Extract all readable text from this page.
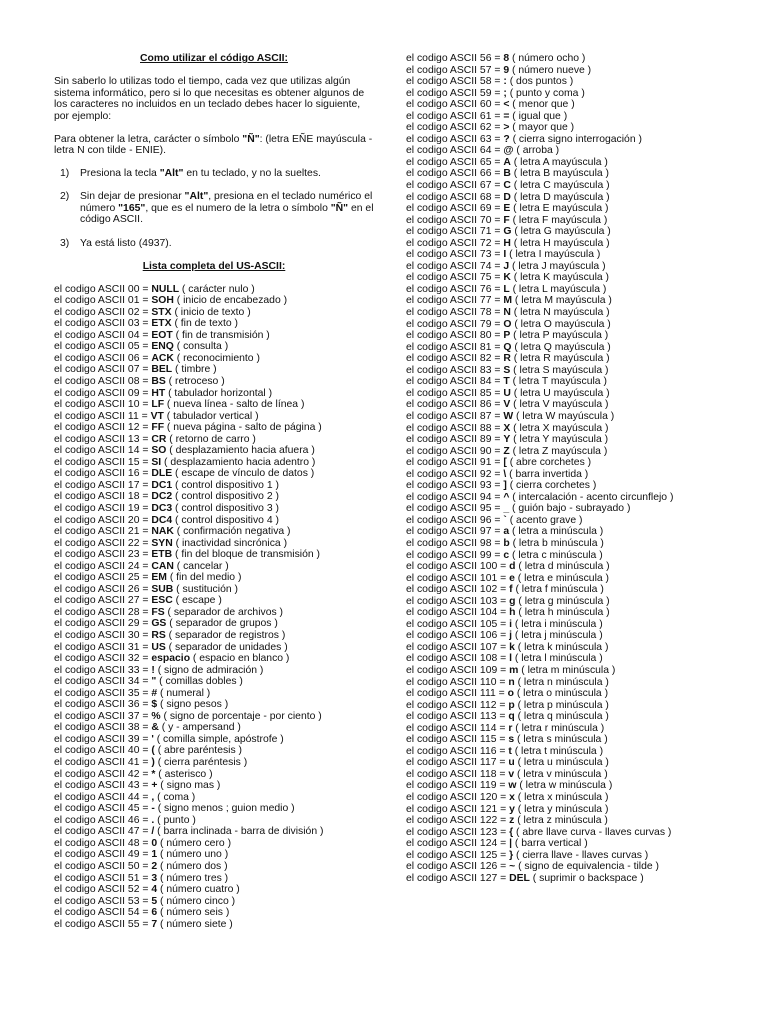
Como utilizar el código ASCII:

Sin saberlo lo utilizas todo el tiempo, cada vez que utilizas algún sistema informático, pero si lo que necesitas es obtener algunos de los caracteres no incluidos en un teclado debes hacer lo siguiente, por ejemplo:

Para obtener la letra, carácter o símbolo "Ñ": (letra EÑE mayúscula - letra N con tilde - ENIE).

1)	Presiona la tecla "Alt" en tu teclado, y no la sueltes.
2)	Sin dejar de presionar "Alt", presiona en el teclado numérico el número "165", que es el numero de la letra o símbolo "Ñ" en el código ASCII.
3)	Ya está listo (4937).

Lista completa del US-ASCII:

el codigo ASCII 00 = NULL ( carácter nulo )
el codigo ASCII 01 = SOH ( inicio de encabezado )
el codigo ASCII 02 = STX ( inicio de texto )
el codigo ASCII 03 = ETX ( fin de texto )
el codigo ASCII 04 = EOT ( fin de transmisión )
el codigo ASCII 05 = ENQ ( consulta )
el codigo ASCII 06 = ACK ( reconocimiento )
el codigo ASCII 07 = BEL ( timbre )
el codigo ASCII 08 = BS ( retroceso )
el codigo ASCII 09 = HT ( tabulador horizontal )
el codigo ASCII 10 = LF ( nueva línea - salto de línea )
el codigo ASCII 11 = VT ( tabulador vertical )
el codigo ASCII 12 = FF ( nueva página - salto de página )
el codigo ASCII 13 = CR ( retorno de carro )
el codigo ASCII 14 = SO ( desplazamiento hacia afuera )
el codigo ASCII 15 = SI ( desplazamiento hacia adentro )
el codigo ASCII 16 = DLE ( escape de vínculo de datos )
el codigo ASCII 17 = DC1 ( control dispositivo 1 )
el codigo ASCII 18 = DC2 ( control dispositivo 2 )
el codigo ASCII 19 = DC3 ( control dispositivo 3 )
el codigo ASCII 20 = DC4 ( control dispositivo 4 )
el codigo ASCII 21 = NAK ( confirmación negativa )
el codigo ASCII 22 = SYN ( inactividad sincrónica )
el codigo ASCII 23 = ETB ( fin del bloque de transmisión )
el codigo ASCII 24 = CAN ( cancelar )
el codigo ASCII 25 = EM ( fin del medio )
el codigo ASCII 26 = SUB ( sustitución )
el codigo ASCII 27 = ESC ( escape )
el codigo ASCII 28 = FS ( separador de archivos )
el codigo ASCII 29 = GS ( separador de grupos )
el codigo ASCII 30 = RS ( separador de registros )
el codigo ASCII 31 = US ( separador de unidades )
el codigo ASCII 32 = espacio ( espacio en blanco )
el codigo ASCII 33 = ! ( signo de admiración )
el codigo ASCII 34 = " ( comillas dobles )
el codigo ASCII 35 = # ( numeral )
el codigo ASCII 36 = $ ( signo pesos )
el codigo ASCII 37 = % ( signo de porcentaje - por ciento )
el codigo ASCII 38 = & ( y - ampersand )
el codigo ASCII 39 = ' ( comilla simple, apóstrofe )
el codigo ASCII 40 = ( ( abre paréntesis )
el codigo ASCII 41 = ) ( cierra paréntesis )
el codigo ASCII 42 = * ( asterisco )
el codigo ASCII 43 = + ( signo mas )
el codigo ASCII 44 = , ( coma )
el codigo ASCII 45 = - ( signo menos ; guion medio )
el codigo ASCII 46 = . ( punto )
el codigo ASCII 47 = / ( barra inclinada - barra de división )
el codigo ASCII 48 = 0 ( número cero )
el codigo ASCII 49 = 1 ( número uno )
el codigo ASCII 50 = 2 ( número dos )
el codigo ASCII 51 = 3 ( número tres )
el codigo ASCII 52 = 4 ( número cuatro )
el codigo ASCII 53 = 5 ( número cinco )
el codigo ASCII 54 = 6 ( número seis )
el codigo ASCII 55 = 7 ( número siete )
el codigo ASCII 56 = 8 ( número ocho )
el codigo ASCII 57 = 9 ( número nueve )
el codigo ASCII 58 = : ( dos puntos )
el codigo ASCII 59 = ; ( punto y coma )
el codigo ASCII 60 = < ( menor que )
el codigo ASCII 61 = = ( igual que )
el codigo ASCII 62 = > ( mayor que )
el codigo ASCII 63 = ? ( cierra signo interrogación )
el codigo ASCII 64 = @ ( arroba )
el codigo ASCII 65 = A ( letra A mayúscula )
el codigo ASCII 66 = B ( letra B mayúscula )
el codigo ASCII 67 = C ( letra C mayúscula )
el codigo ASCII 68 = D ( letra D mayúscula )
el codigo ASCII 69 = E ( letra E mayúscula )
el codigo ASCII 70 = F ( letra F mayúscula )
el codigo ASCII 71 = G ( letra G mayúscula )
el codigo ASCII 72 = H ( letra H mayúscula )
el codigo ASCII 73 = I ( letra I mayúscula )
el codigo ASCII 74 = J ( letra J mayúscula )
el codigo ASCII 75 = K ( letra K mayúscula )
el codigo ASCII 76 = L ( letra L mayúscula )
el codigo ASCII 77 = M ( letra M mayúscula )
el codigo ASCII 78 = N ( letra N mayúscula )
el codigo ASCII 79 = O ( letra O mayúscula )
el codigo ASCII 80 = P ( letra P mayúscula )
el codigo ASCII 81 = Q ( letra Q mayúscula )
el codigo ASCII 82 = R ( letra R mayúscula )
el codigo ASCII 83 = S ( letra S mayúscula )
el codigo ASCII 84 = T ( letra T mayúscula )
el codigo ASCII 85 = U ( letra U mayúscula )
el codigo ASCII 86 = V ( letra V mayúscula )
el codigo ASCII 87 = W ( letra W mayúscula )
el codigo ASCII 88 = X ( letra X mayúscula )
el codigo ASCII 89 = Y ( letra Y mayúscula )
el codigo ASCII 90 = Z ( letra Z mayúscula )
el codigo ASCII 91 = [ ( abre corchetes )
el codigo ASCII 92 = \ ( barra invertida )
el codigo ASCII 93 = ] ( cierra corchetes )
el codigo ASCII 94 = ^ ( intercalación - acento circunflejo )
el codigo ASCII 95 = _ ( guión bajo - subrayado )
el codigo ASCII 96 = ` ( acento grave )
el codigo ASCII 97 = a ( letra a minúscula )
el codigo ASCII 98 = b ( letra b minúscula )
el codigo ASCII 99 = c ( letra c minúscula )
el codigo ASCII 100 = d ( letra d minúscula )
el codigo ASCII 101 = e ( letra e minúscula )
el codigo ASCII 102 = f ( letra f minúscula )
el codigo ASCII 103 = g ( letra g minúscula )
el codigo ASCII 104 = h ( letra h minúscula )
el codigo ASCII 105 = i ( letra i minúscula )
el codigo ASCII 106 = j ( letra j minúscula )
el codigo ASCII 107 = k ( letra k minúscula )
el codigo ASCII 108 = l ( letra l minúscula )
el codigo ASCII 109 = m ( letra m minúscula )
el codigo ASCII 110 = n ( letra n minúscula )
el codigo ASCII 111 = o ( letra o minúscula )
el codigo ASCII 112 = p ( letra p minúscula )
el codigo ASCII 113 = q ( letra q minúscula )
el codigo ASCII 114 = r ( letra r minúscula )
el codigo ASCII 115 = s ( letra s minúscula )
el codigo ASCII 116 = t ( letra t minúscula )
el codigo ASCII 117 = u ( letra u minúscula )
el codigo ASCII 118 = v ( letra v minúscula )
el codigo ASCII 119 = w ( letra w minúscula )
el codigo ASCII 120 = x ( letra x minúscula )
el codigo ASCII 121 = y ( letra y minúscula )
el codigo ASCII 122 = z ( letra z minúscula )
el codigo ASCII 123 = { ( abre llave curva - llaves curvas )
el codigo ASCII 124 = | ( barra vertical )
el codigo ASCII 125 = } ( cierra llave - llaves curvas )
el codigo ASCII 126 = ~ ( signo de equivalencia - tilde )
el codigo ASCII 127 = DEL ( suprimir o backspace )
